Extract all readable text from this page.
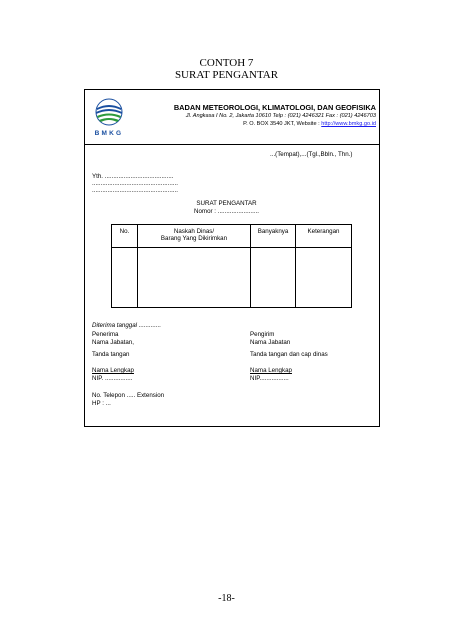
CONTOH 7
SURAT PENGANTAR
BMKG
BADAN METEOROLOGI, KLIMATOLOGI, DAN GEOFISIKA
Jl. Angkasa I No. 2, Jakarta 10610 Telp : (021) 4246321 Fax : (021) 4246703
P. O. BOX 3540 JKT, Website : http://www.bmkg.go.id
...(Tempat),...(Tgl.,Bbln., Thn.)
Yth. ........................................
..................................................
..................................................
SURAT PENGANTAR
Nomor : ........................
No.	Naskah Dinas/
Barang Yang Dikirimkan	Banyaknya	Keterangan

Diterima tanggal .............
Penerima
Nama Jabatan,
Tanda tangan
Nama Lengkap
NIP. ................
Pengirim
Nama Jabatan
Tanda tangan dan cap dinas
Nama Lengkap
NIP.................
No. Telepon ..... Extension
HP : ...
-18-
